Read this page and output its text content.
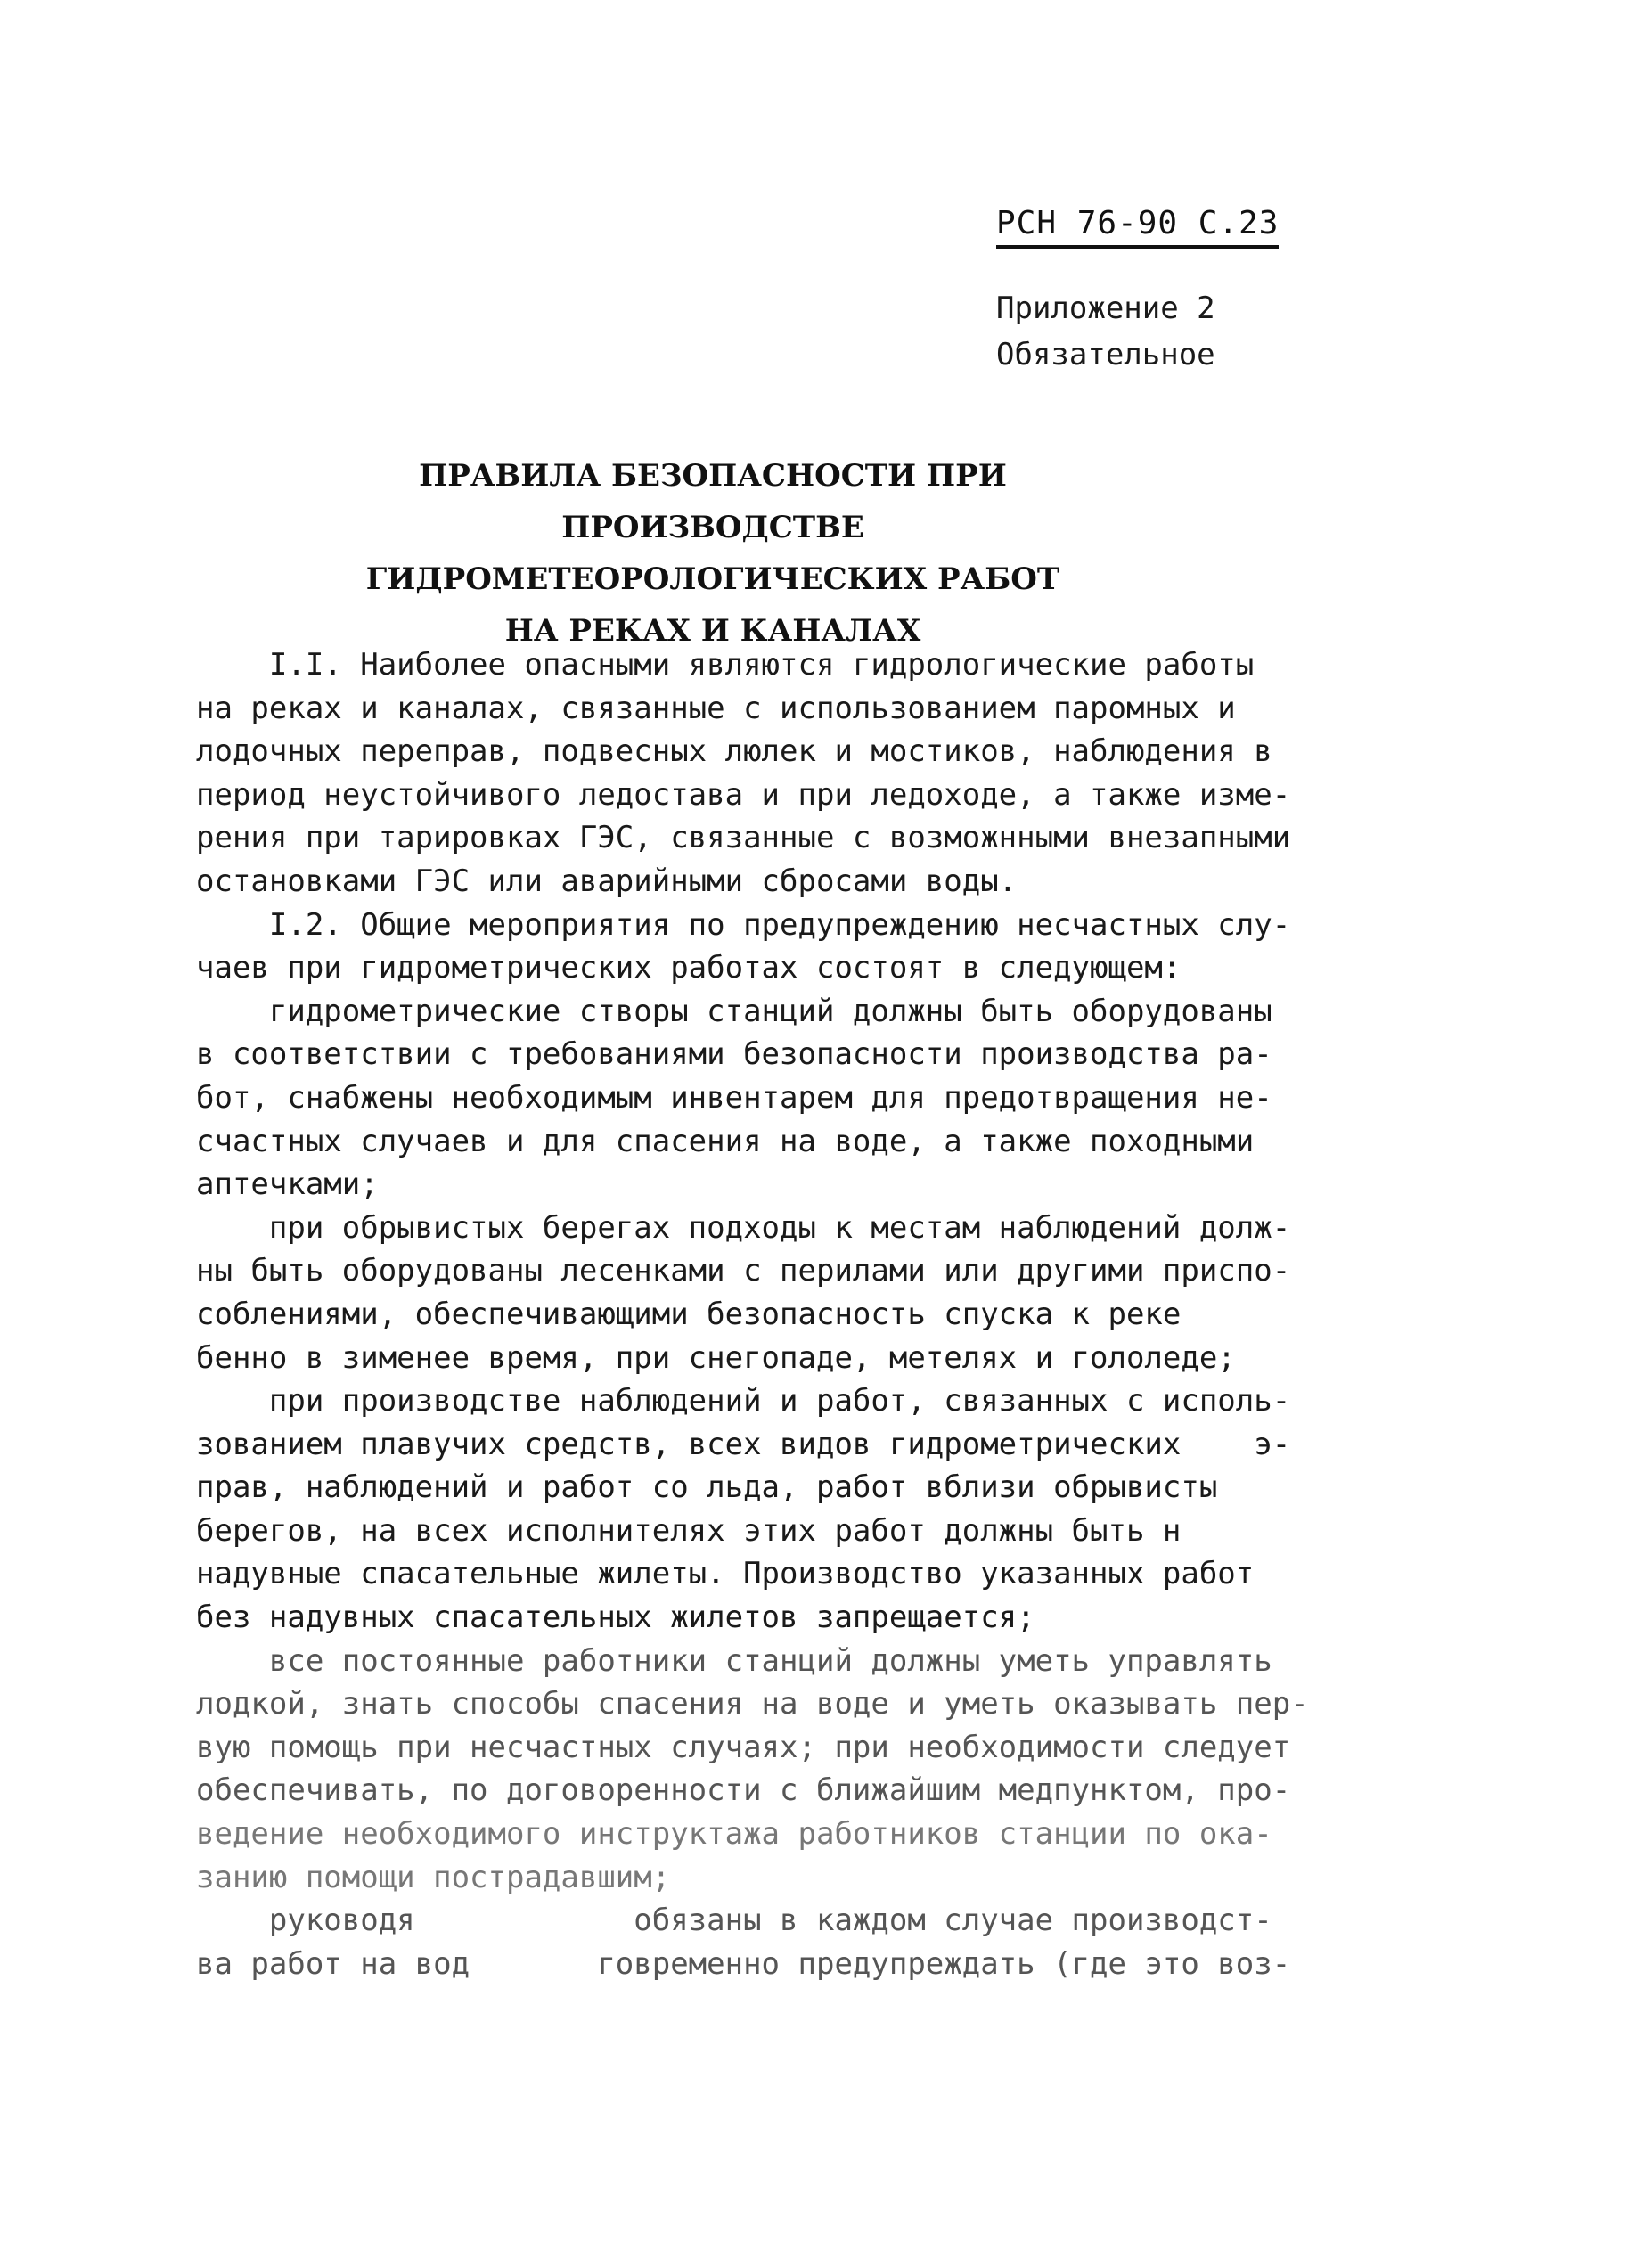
РСН 76-90 С.23
Приложение 2
Обязательное
ПРАВИЛА БЕЗОПАСНОСТИ ПРИ ПРОИЗВОДСТВЕ
ГИДРОМЕТЕОРОЛОГИЧЕСКИХ РАБОТ
НА РЕКАХ И КАНАЛАХ
I.I. Наиболее опасными являются гидрологические работы
на реках и каналах, связанные с использованием паромных и
лодочных переправ, подвесных люлек и мостиков, наблюдения в
период неустойчивого ледостава и при ледоходе, а также изме-
рения при тарировках ГЭС, связанные с возможнными внезапными
остановками ГЭС или аварийными сбросами воды.
I.2. Общие мероприятия по предупреждению несчастных слу-
чаев при гидрометрических работах состоят в следующем:
гидрометрические створы станций должны быть оборудованы
в соответствии с требованиями безопасности производства ра-
бот, снабжены необходимым инвентарем для предотвращения не-
счастных случаев и для спасения на воде, а также походными
аптечками;
при обрывистых берегах подходы к местам наблюдений долж-
ны быть оборудованы лесенками с перилами или другими приспо-
соблениями, обеспечивающими безопасность спуска к реке
бенно в зименее время, при снегопаде, метелях и гололеде;
при производстве наблюдений и работ, связанных с исполь-
зованием плавучих средств, всех видов гидрометрических    э-
прав, наблюдений и работ со льда, работ вблизи обрывисты
берегов, на всех исполнителях этих работ должны быть н
надувные спасательные жилеты. Производство указанных работ
без надувных спасательных жилетов запрещается;
все постоянные работники станций должны уметь управлять
лодкой, знать способы спасения на воде и уметь оказывать пер-
вую помощь при несчастных случаях; при необходимости следует
обеспечивать, по договоренности с ближайшим медпунктом, про-
ведение необходимого инструктажа работников станции по ока-
занию помощи пострадавшим;
руководя            обязаны в каждом случае производст-
ва работ на вод       говременно предупреждать (где это воз-
